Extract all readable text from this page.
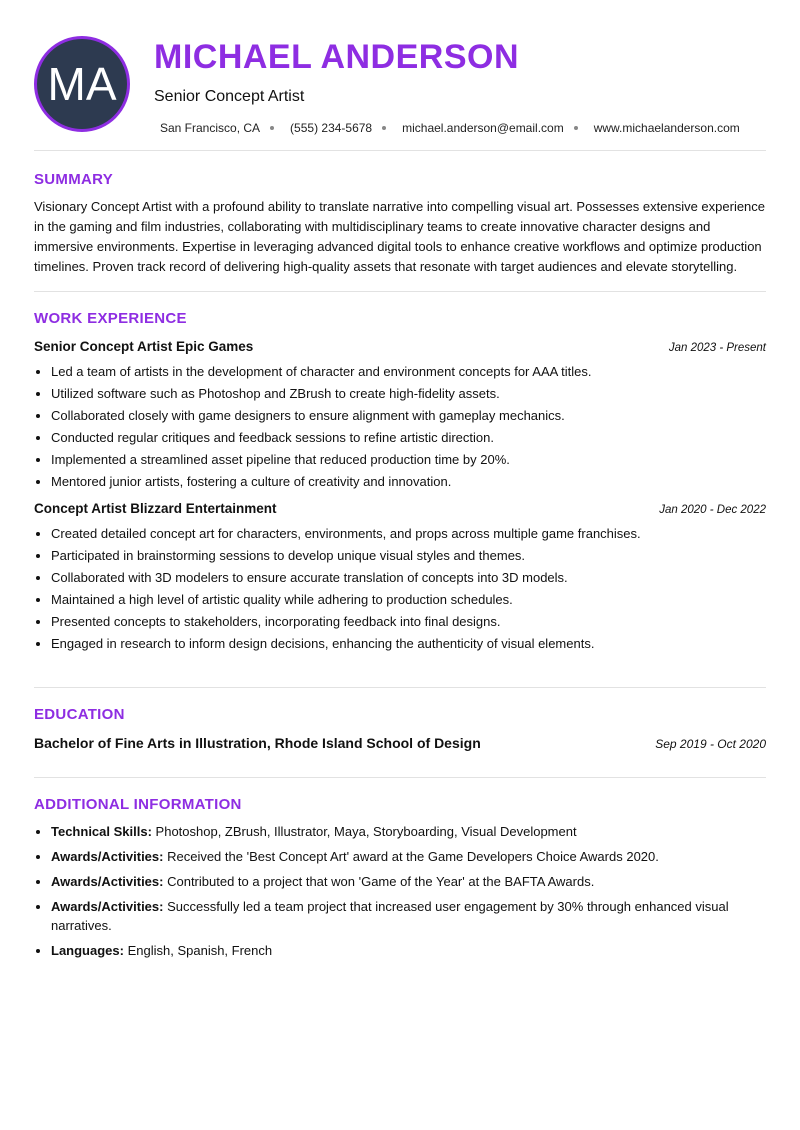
MA
MICHAEL ANDERSON

Senior Concept Artist

San Francisco, CA	(555) 234-5678	michael.anderson@email.com	www.michaelanderson.com
SUMMARY

Visionary Concept Artist with a profound ability to translate narrative into compelling visual art. Possesses extensive experience in the gaming and film industries, collaborating with multidisciplinary teams to create innovative character designs and immersive environments. Expertise in leveraging advanced digital tools to enhance creative workflows and optimize production timelines. Proven track record of delivering high-quality assets that resonate with target audiences and elevate storytelling.

WORK EXPERIENCE
Senior Concept Artist Epic Games	Jan 2023 - Present
• Led a team of artists in the development of character and environment concepts for AAA titles.
• Utilized software such as Photoshop and ZBrush to create high-fidelity assets.
• Collaborated closely with game designers to ensure alignment with gameplay mechanics.
• Conducted regular critiques and feedback sessions to refine artistic direction.
• Implemented a streamlined asset pipeline that reduced production time by 20%.
• Mentored junior artists, fostering a culture of creativity and innovation.
Concept Artist Blizzard Entertainment	Jan 2020 - Dec 2022
• Created detailed concept art for characters, environments, and props across multiple game franchises.
• Participated in brainstorming sessions to develop unique visual styles and themes.
• Collaborated with 3D modelers to ensure accurate translation of concepts into 3D models.
• Maintained a high level of artistic quality while adhering to production schedules.
• Presented concepts to stakeholders, incorporating feedback into final designs.
• Engaged in research to inform design decisions, enhancing the authenticity of visual elements.
EDUCATION
Bachelor of Fine Arts in Illustration, Rhode Island School of Design	Sep 2019 - Oct 2020
ADDITIONAL INFORMATION
• Technical Skills: Photoshop, ZBrush, Illustrator, Maya, Storyboarding, Visual Development
• Awards/Activities: Received the 'Best Concept Art' award at the Game Developers Choice Awards 2020.
• Awards/Activities: Contributed to a project that won 'Game of the Year' at the BAFTA Awards.
• Awards/Activities: Successfully led a team project that increased user engagement by 30% through enhanced visual narratives.
• Languages: English, Spanish, French
